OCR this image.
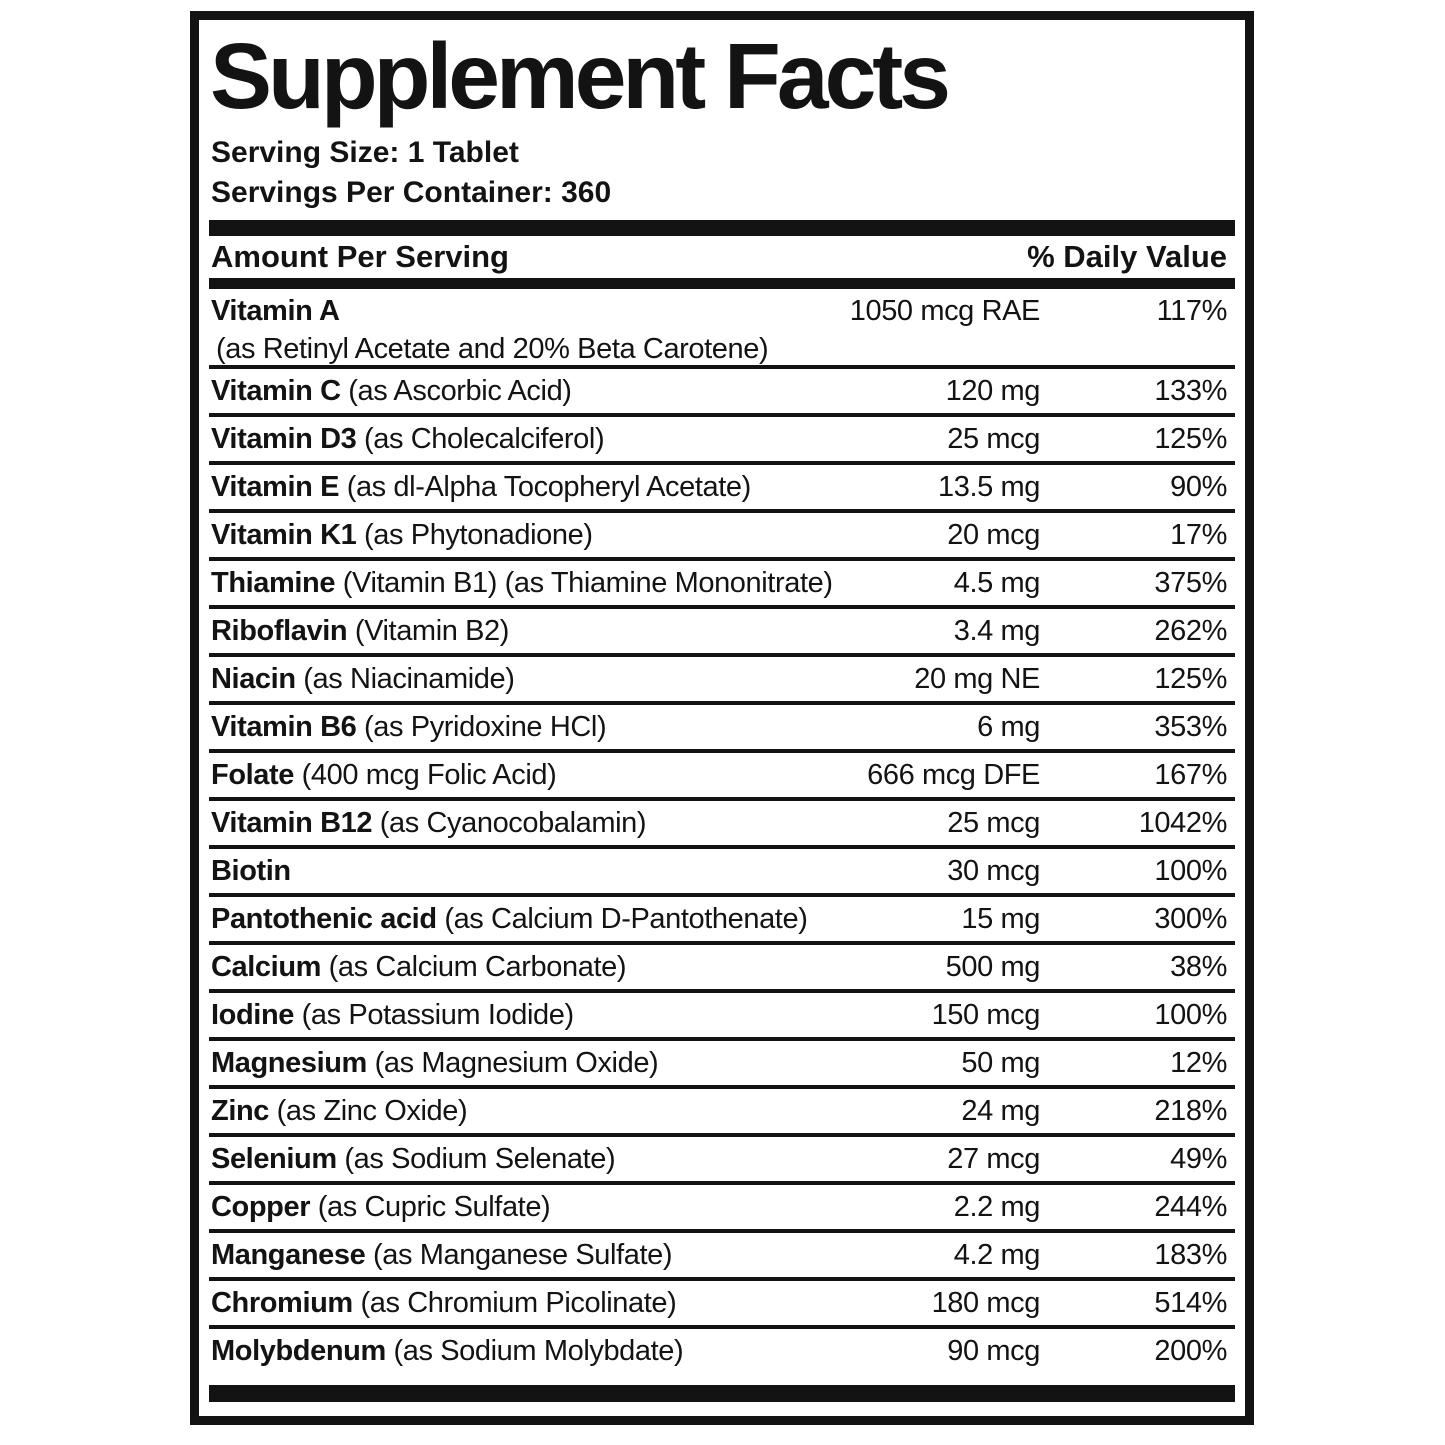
Supplement Facts
Serving Size: 1 Tablet
Servings Per Container: 360
Amount Per Serving	% Daily Value
Vitamin A
(as Retinyl Acetate and 20% Beta Carotene)
1050 mcg RAE	117%
Vitamin C (as Ascorbic Acid)	120 mg	133%
Vitamin D3 (as Cholecalciferol)	25 mcg	125%
Vitamin E (as dl-Alpha Tocopheryl Acetate)	13.5 mg	90%
Vitamin K1 (as Phytonadione)	20 mcg	17%
Thiamine (Vitamin B1) (as Thiamine Mononitrate)	4.5 mg	375%
Riboflavin (Vitamin B2)	3.4 mg	262%
Niacin (as Niacinamide)	20 mg NE	125%
Vitamin B6 (as Pyridoxine HCl)	6 mg	353%
Folate (400 mcg Folic Acid)	666 mcg DFE	167%
Vitamin B12 (as Cyanocobalamin)	25 mcg	1042%
Biotin	30 mcg	100%
Pantothenic acid (as Calcium D-Pantothenate)	15 mg	300%
Calcium (as Calcium Carbonate)	500 mg	38%
Iodine (as Potassium Iodide)	150 mcg	100%
Magnesium (as Magnesium Oxide)	50 mg	12%
Zinc (as Zinc Oxide)	24 mg	218%
Selenium (as Sodium Selenate)	27 mcg	49%
Copper (as Cupric Sulfate)	2.2 mg	244%
Manganese (as Manganese Sulfate)	4.2 mg	183%
Chromium (as Chromium Picolinate)	180 mcg	514%
Molybdenum (as Sodium Molybdate)	90 mcg	200%
